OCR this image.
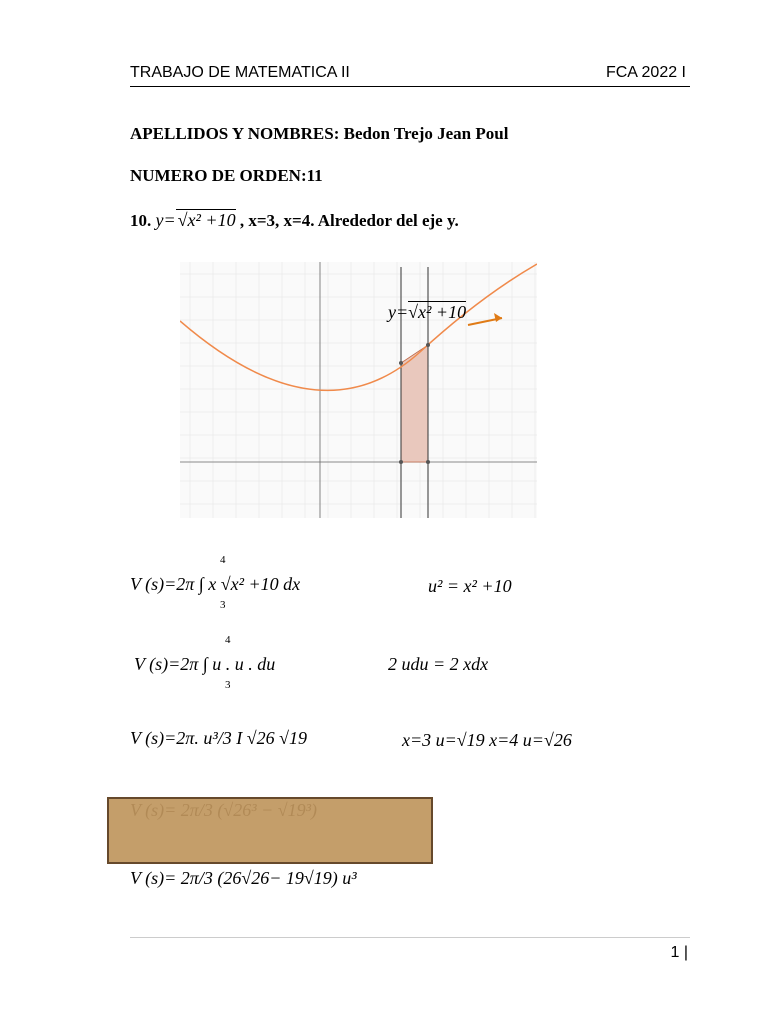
TRABAJO DE MATEMATICA II	FCA 2022 I
APELLIDOS Y NOMBRES: Bedon Trejo Jean Poul
NUMERO DE ORDEN:11
10. y= √x² +10 , x=3, x=4. Alrededor del eje y.
y=√x² +10
V (s)=2π ∫ x √x² +10 dx
4
3
u² = x² +10
V (s)=2π ∫ u . u . du
4
3
2 udu = 2 xdx
V (s)=2π. u³/3 I √26 √19	x=3 u=√19 x=4 u=√26
V (s)= 2π/3 (26√26− 19√19) u³
1 |
